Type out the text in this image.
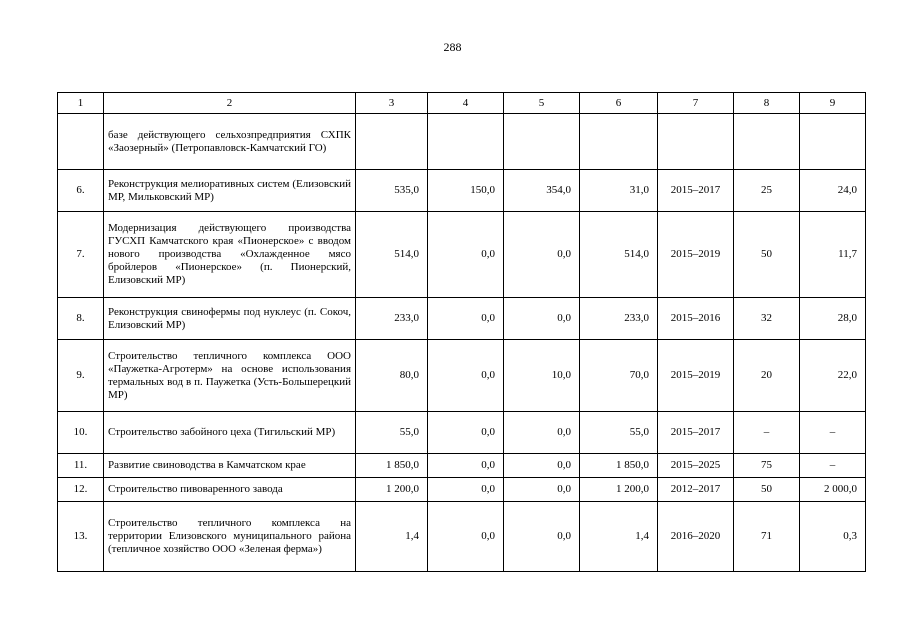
288
1	2	3	4	5	6	7	8	9
	базе действующего сельхозпредприятия СХПК «Заозерный» (Петропавловск-Камчатский ГО)							
6.	Реконструкция мелиоративных систем (Елизовский МР, Мильковский МР)	535,0	150,0	354,0	31,0	2015–2017	25	24,0
7.	Модернизация действующего производства ГУСХП Камчатского края «Пионерское» с вводом нового производства «Охлажденное мясо бройлеров «Пионерское» (п. Пионерский, Елизовский МР)	514,0	0,0	0,0	514,0	2015–2019	50	11,7
8.	Реконструкция свинофермы под нуклеус (п. Сокоч, Елизовский МР)	233,0	0,0	0,0	233,0	2015–2016	32	28,0
9.	Строительство тепличного комплекса ООО «Паужетка-Агротерм» на основе использования термальных вод в п. Паужетка (Усть-Большерецкий МР)	80,0	0,0	10,0	70,0	2015–2019	20	22,0
10.	Строительство забойного цеха (Тигильский МР)	55,0	0,0	0,0	55,0	2015–2017	–	–
11.	Развитие свиноводства в Камчатском крае	1 850,0	0,0	0,0	1 850,0	2015–2025	75	–
12.	Строительство пивоваренного завода	1 200,0	0,0	0,0	1 200,0	2012–2017	50	2 000,0
13.	Строительство тепличного комплекса на территории Елизовского муниципального района (тепличное хозяйство ООО «Зеленая ферма»)	1,4	0,0	0,0	1,4	2016–2020	71	0,3
